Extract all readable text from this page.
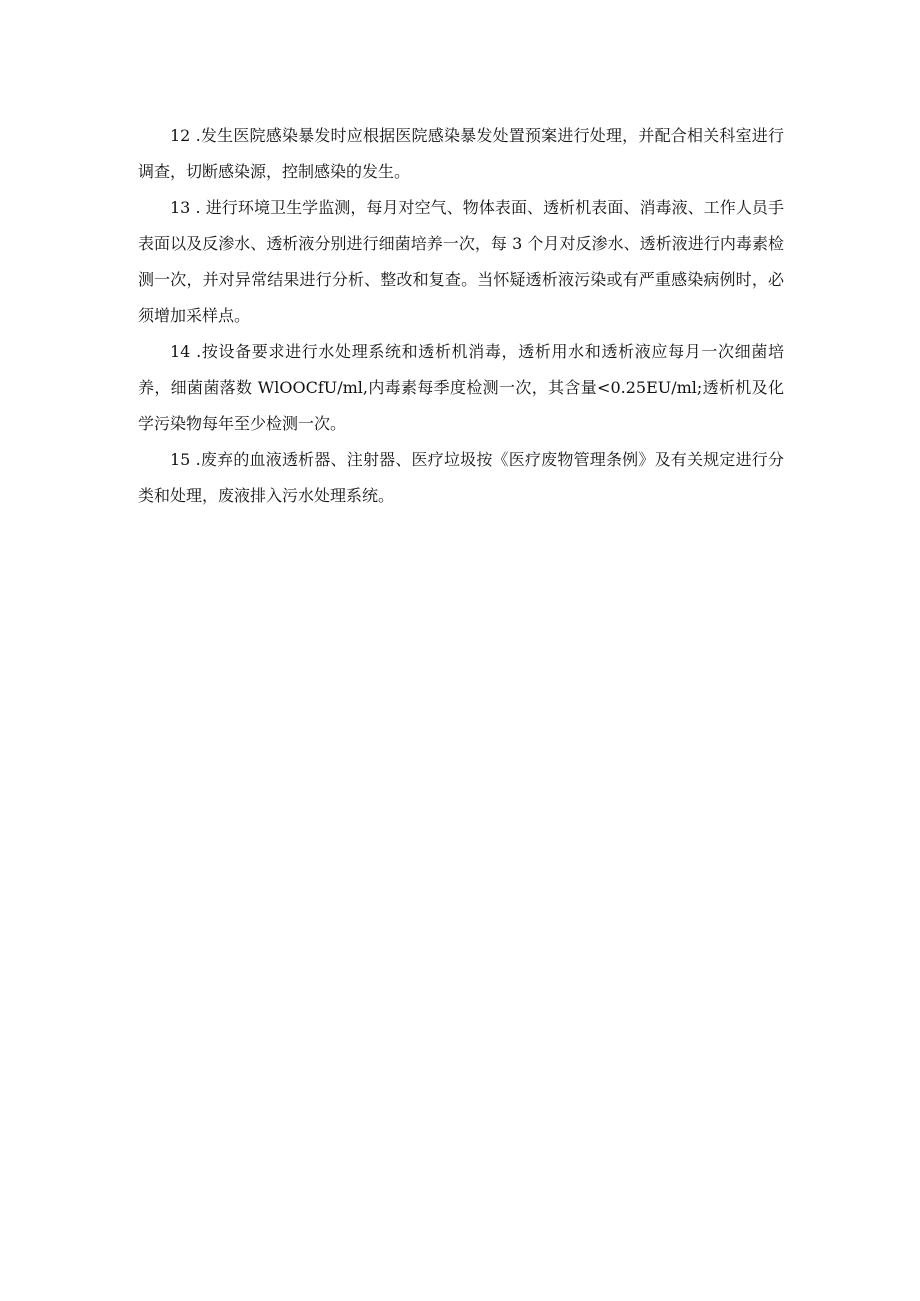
12 .发生医院感染暴发时应根据医院感染暴发处置预案进行处理，并配合相关科室进行调查，切断感染源，控制感染的发生。

13 . 进行环境卫生学监测，每月对空气、物体表面、透析机表面、消毒液、工作人员手表面以及反渗水、透析液分别进行细菌培养一次，每 3 个月对反渗水、透析液进行内毒素检测一次，并对异常结果进行分析、整改和复查。当怀疑透析液污染或有严重感染病例时，必须增加采样点。

14 .按设备要求进行水处理系统和透析机消毒，透析用水和透析液应每月一次细菌培养，细菌菌落数 WlOOCfU/ml,内毒素每季度检测一次，其含量<0.25EU/ml;透析机及化学污染物每年至少检测一次。

15 .废弃的血液透析器、注射器、医疗垃圾按《医疗废物管理条例》及有关规定进行分类和处理，废液排入污水处理系统。
